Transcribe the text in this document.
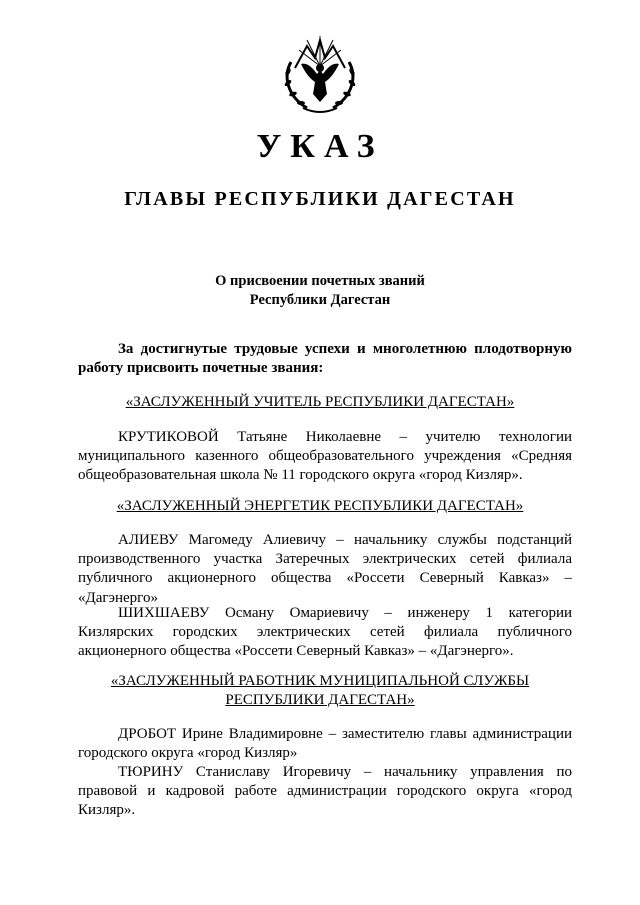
УКАЗ
ГЛАВЫ РЕСПУБЛИКИ ДАГЕСТАН
О присвоении почетных званий
Республики Дагестан
За достигнутые трудовые успехи и многолетнюю плодотворную
работу присвоить почетные звания:
«ЗАСЛУЖЕННЫЙ УЧИТЕЛЬ РЕСПУБЛИКИ ДАГЕСТАН»
КРУТИКОВОЙ Татьяне Николаевне – учителю технологии
муниципального казенного общеобразовательного учреждения «Средняя
общеобразовательная школа № 11 городского округа «город Кизляр».
«ЗАСЛУЖЕННЫЙ ЭНЕРГЕТИК РЕСПУБЛИКИ ДАГЕСТАН»
АЛИЕВУ Магомеду Алиевичу – начальнику службы подстанций
производственного участка Затеречных электрических сетей филиала
публичного акционерного общества «Россети Северный Кавказ» –
«Дагэнерго»
ШИХШАЕВУ Осману Омариевичу – инженеру 1 категории
Кизлярских городских электрических сетей филиала публичного
акционерного общества «Россети Северный Кавказ» – «Дагэнерго».
«ЗАСЛУЖЕННЫЙ РАБОТНИК МУНИЦИПАЛЬНОЙ СЛУЖБЫ
РЕСПУБЛИКИ ДАГЕСТАН»
ДРОБОТ Ирине Владимировне – заместителю главы администрации
городского округа «город Кизляр»
ТЮРИНУ Станиславу Игоревичу – начальнику управления по
правовой и кадровой работе администрации городского округа «город
Кизляр».
